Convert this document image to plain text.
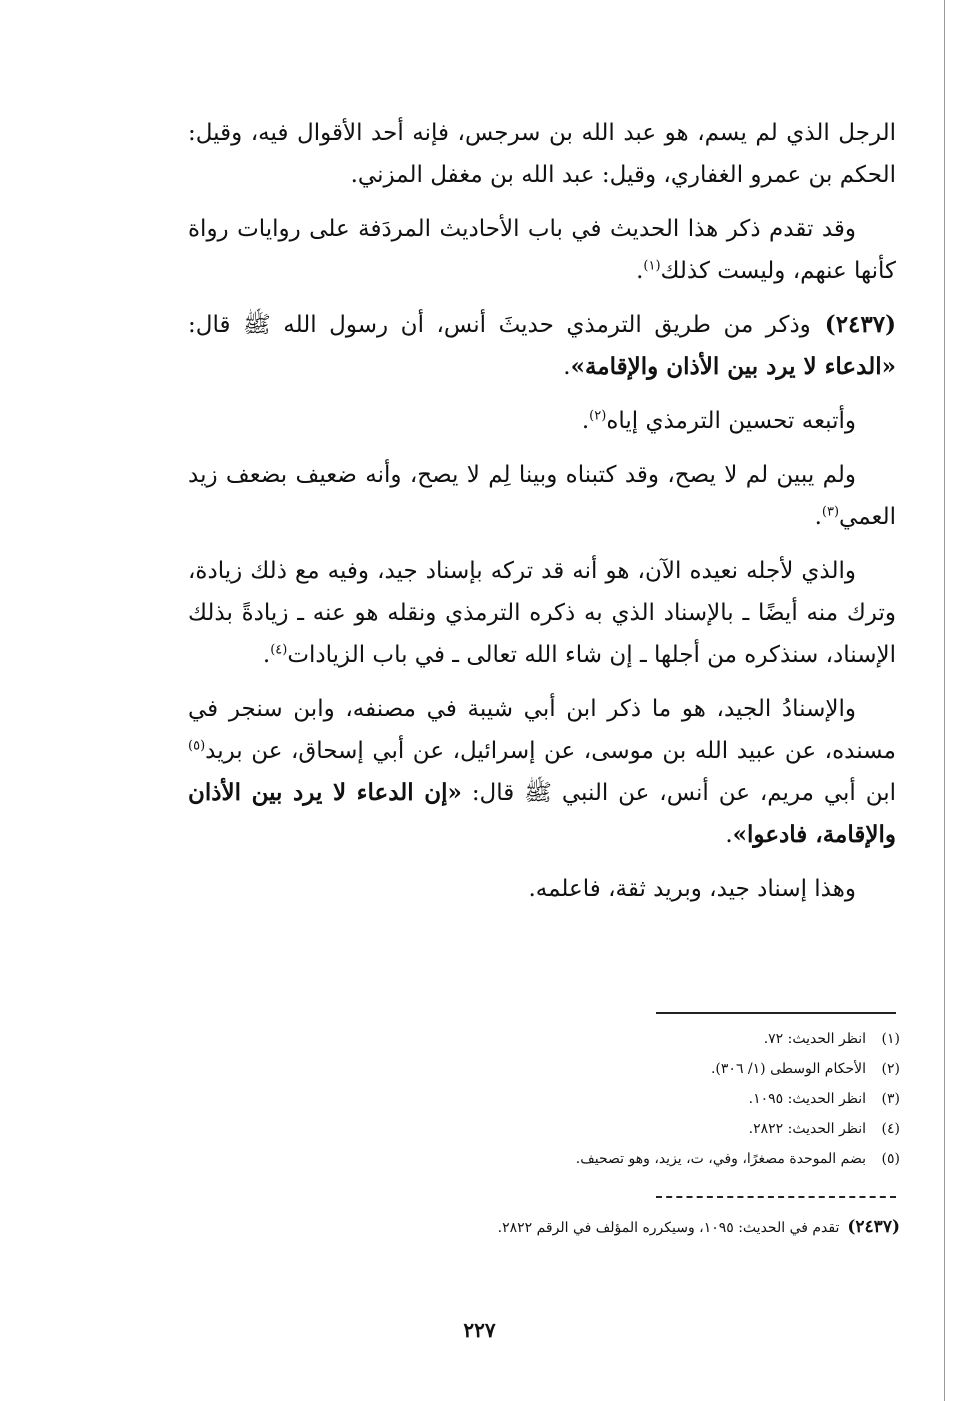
الرجل الذي لم يسم، هو عبد الله بن سرجس، فإنه أحد الأقوال فيه، وقيل: الحكم بن عمرو الغفاري، وقيل: عبد الله بن مغفل المزني.

وقد تقدم ذكر هذا الحديث في باب الأحاديث المردَفة على روايات رواة كأنها عنهم، وليست كذلك$^{(١)}$.

(٢٤٣٧)وذكر من طريق الترمذي حديثَ أنس، أن رسول الله ﷺ قال: «الدعاء لا يرد بين الأذان والإقامة».

وأتبعه تحسين الترمذي إياه$^{(٢)}$.

ولم يبين لم لا يصح، وقد كتبناه وبينا لِم لا يصح، وأنه ضعيف بضعف زيد العمي$^{(٣)}$.

والذي لأجله نعيده الآن، هو أنه قد تركه بإسناد جيد، وفيه مع ذلك زيادة، وترك منه أيضًا ـ بالإسناد الذي به ذكره الترمذي ونقله هو عنه ـ زيادةً بذلك الإسناد، سنذكره من أجلها ـ إن شاء الله تعالى ـ في باب الزيادات$^{(٤)}$.

والإسنادُ الجيد، هو ما ذكر ابن أبي شيبة في مصنفه، وابن سنجر في مسنده، عن عبيد الله بن موسى، عن إسرائيل، عن أبي إسحاق، عن بريد$^{(٥)}$ ابن أبي مريم، عن أنس، عن النبي ﷺ قال: «إن الدعاء لا يرد بين الأذان والإقامة، فادعوا».

وهذا إسناد جيد، وبريد ثقة، فاعلمه.

(١)انظر الحديث: ٧٢.
(٢)الأحكام الوسطى (١/ ٣٠٦).
(٣)انظر الحديث: ١٠٩٥.
(٤)انظر الحديث: ٢٨٢٢.
(٥)بضم الموحدة مصغرًا، وفي، ت، يزيد، وهو تصحيف.
(٢٤٣٧)تقدم في الحديث: ١٠٩٥، وسيكرره المؤلف في الرقم ٢٨٢٢.
٢٢٧
